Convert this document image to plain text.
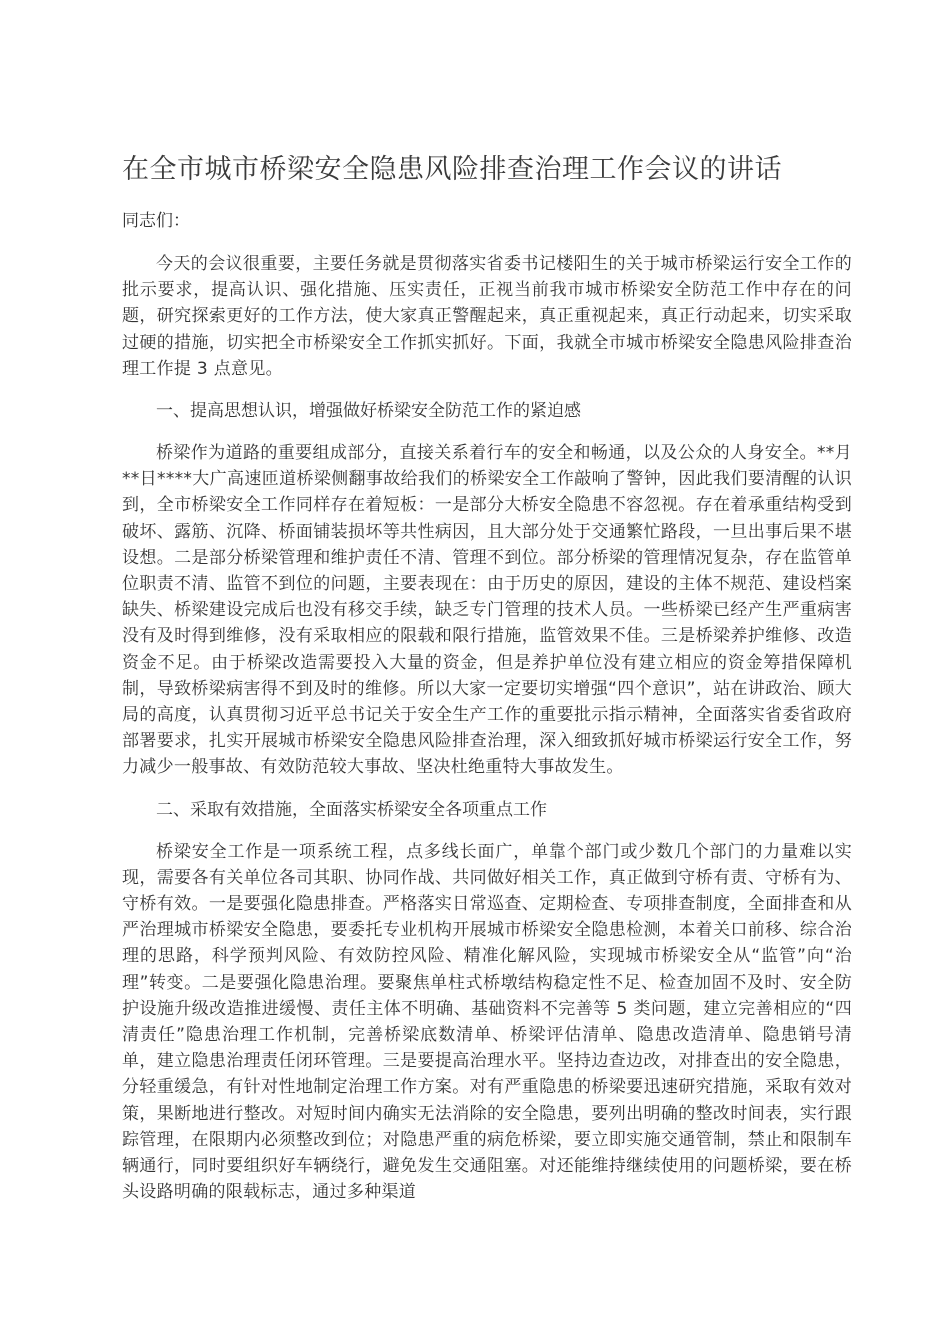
在全市城市桥梁安全隐患风险排查治理工作会议的讲话
同志们：

今天的会议很重要，主要任务就是贯彻落实省委书记楼阳生的关于城市桥梁运行安全工作的批示要求，提高认识、强化措施、压实责任，正视当前我市城市桥梁安全防范工作中存在的问题，研究探索更好的工作方法，使大家真正警醒起来，真正重视起来，真正行动起来，切实采取过硬的措施，切实把全市桥梁安全工作抓实抓好。下面，我就全市城市桥梁安全隐患风险排查治理工作提 3 点意见。

一、提高思想认识，增强做好桥梁安全防范工作的紧迫感

桥梁作为道路的重要组成部分，直接关系着行车的安全和畅通，以及公众的人身安全。**月**日****大广高速匝道桥梁侧翻事故给我们的桥梁安全工作敲响了警钟，因此我们要清醒的认识到，全市桥梁安全工作同样存在着短板：一是部分大桥安全隐患不容忽视。存在着承重结构受到破坏、露筋、沉降、桥面铺装损坏等共性病因，且大部分处于交通繁忙路段，一旦出事后果不堪设想。二是部分桥梁管理和维护责任不清、管理不到位。部分桥梁的管理情况复杂，存在监管单位职责不清、监管不到位的问题，主要表现在：由于历史的原因，建设的主体不规范、建设档案缺失、桥梁建设完成后也没有移交手续，缺乏专门管理的技术人员。一些桥梁已经产生严重病害没有及时得到维修，没有采取相应的限载和限行措施，监管效果不佳。三是桥梁养护维修、改造资金不足。由于桥梁改造需要投入大量的资金，但是养护单位没有建立相应的资金筹措保障机制，导致桥梁病害得不到及时的维修。所以大家一定要切实增强“四个意识”，站在讲政治、顾大局的高度，认真贯彻习近平总书记关于安全生产工作的重要批示指示精神，全面落实省委省政府部署要求，扎实开展城市桥梁安全隐患风险排查治理，深入细致抓好城市桥梁运行安全工作，努力减少一般事故、有效防范较大事故、坚决杜绝重特大事故发生。

二、采取有效措施，全面落实桥梁安全各项重点工作

桥梁安全工作是一项系统工程，点多线长面广，单靠个部门或少数几个部门的力量难以实现，需要各有关单位各司其职、协同作战、共同做好相关工作，真正做到守桥有责、守桥有为、守桥有效。一是要强化隐患排查。严格落实日常巡查、定期检查、专项排查制度，全面排查和从严治理城市桥梁安全隐患，要委托专业机构开展城市桥梁安全隐患检测，本着关口前移、综合治理的思路，科学预判风险、有效防控风险、精准化解风险，实现城市桥梁安全从“监管”向“治理”转变。二是要强化隐患治理。要聚焦单柱式桥墩结构稳定性不足、检查加固不及时、安全防护设施升级改造推进缓慢、责任主体不明确、基础资料不完善等 5 类问题，建立完善相应的“四清责任”隐患治理工作机制，完善桥梁底数清单、桥梁评估清单、隐患改造清单、隐患销号清单，建立隐患治理责任闭环管理。三是要提高治理水平。坚持边查边改，对排查出的安全隐患，分轻重缓急，有针对性地制定治理工作方案。对有严重隐患的桥梁要迅速研究措施，采取有效对策，果断地进行整改。对短时间内确实无法消除的安全隐患，要列出明确的整改时间表，实行跟踪管理，在限期内必须整改到位；对隐患严重的病危桥梁，要立即实施交通管制，禁止和限制车辆通行，同时要组织好车辆绕行，避免发生交通阻塞。对还能维持继续使用的问题桥梁，要在桥头设路明确的限载标志，通过多种渠道
